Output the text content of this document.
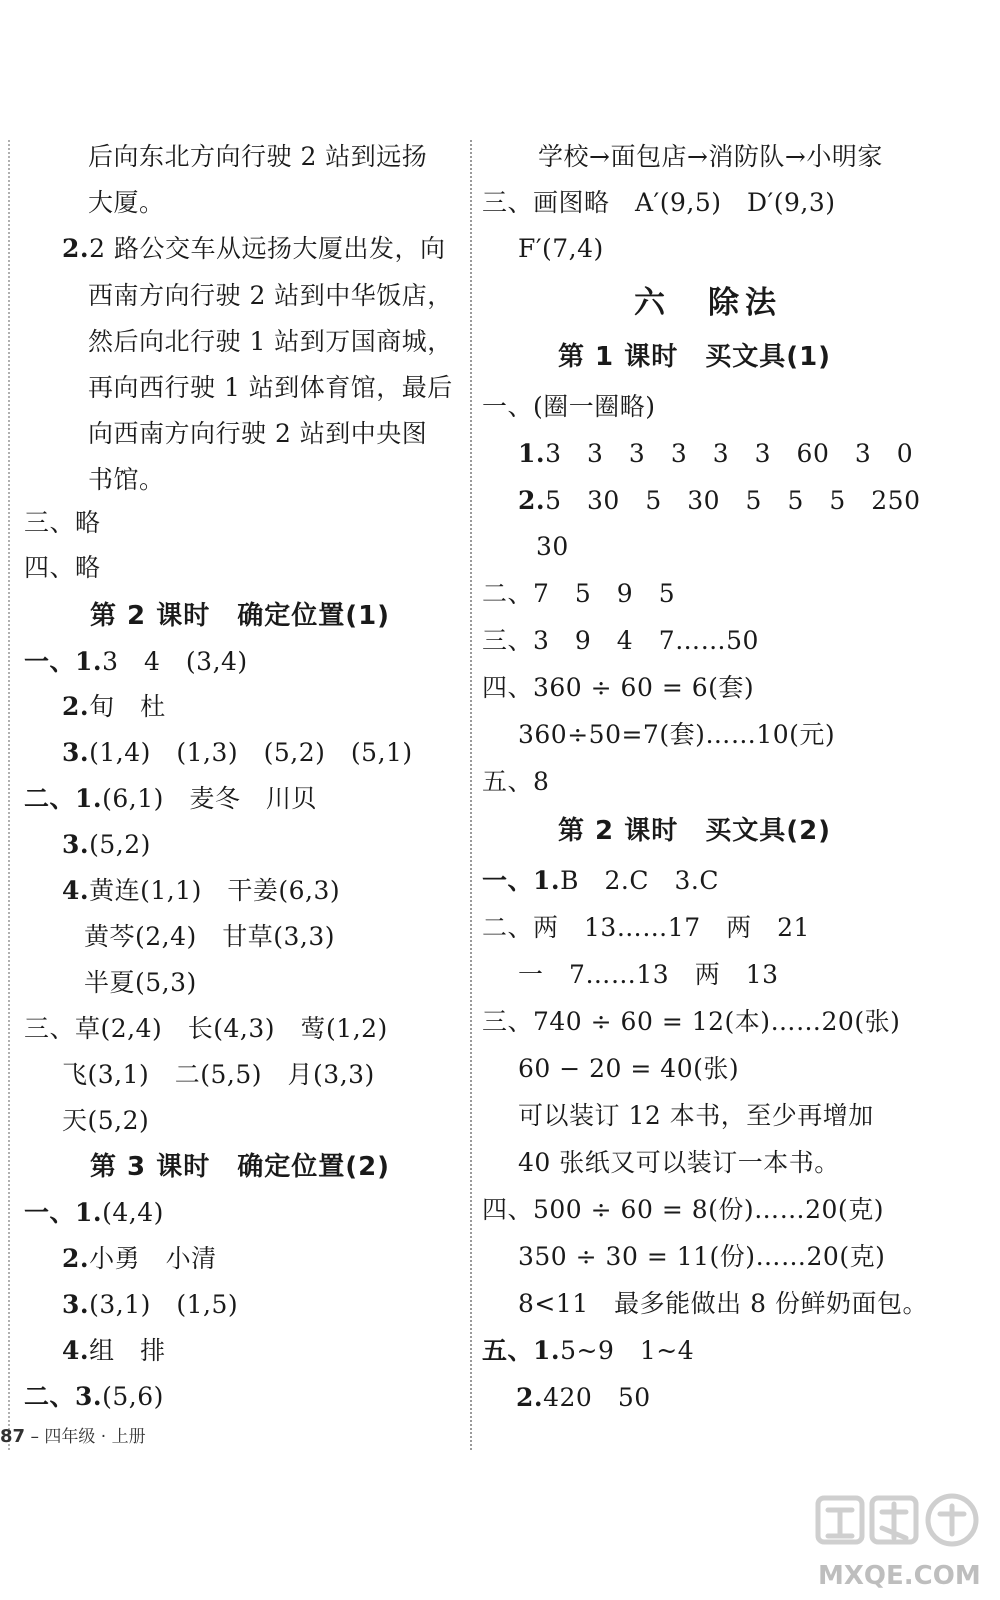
后向东北方向行驶 2 站到远扬
大厦。
2.2 路公交车从远扬大厦出发，向
西南方向行驶 2 站到中华饭店，
然后向北行驶 1 站到万国商城，
再向西行驶 1 站到体育馆，最后
向西南方向行驶 2 站到中央图
书馆。
三、略
四、略
第 2 课时　确定位置(1)
一、1.3　4　(3,4)
2.旬　杜
3.(1,4)　(1,3)　(5,2)　(5,1)
二、1.(6,1)　麦冬　川贝
3.(5,2)
4.黄连(1,1)　干姜(6,3)
黄芩(2,4)　甘草(3,3)
半夏(5,3)
三、草(2,4)　长(4,3)　莺(1,2)
飞(3,1)　二(5,5)　月(3,3)
天(5,2)
第 3 课时　确定位置(2)
一、1.(4,4)
2.小勇　小清
3.(3,1)　(1,5)
4.组　排
二、3.(5,6)
学校→面包店→消防队→小明家
三、画图略　A′(9,5)　D′(9,3)
F′(7,4)
六　除法
第 1 课时　买文具(1)
一、(圈一圈略)
1.3　3　3　3　3　3　60　3　0
2.5　30　5　30　5　5　5　250
30
二、7　5　9　5
三、3　9　4　7……50
四、360 ÷ 60 = 6(套)
360÷50=7(套)……10(元)
五、8
第 2 课时　买文具(2)
一、1.B　2.C　3.C
二、两　13……17　两　21
一　7……13　两　13
三、740 ÷ 60 = 12(本)……20(张)
60 − 20 = 40(张)
可以装订 12 本书，至少再增加
40 张纸又可以装订一本书。
四、500 ÷ 60 = 8(份)……20(克)
350 ÷ 30 = 11(份)……20(克)
8<11　最多能做出 8 份鲜奶面包。
五、1.5~9　1~4
2.420　50
87 – 四年级 · 上册
MXQE.COM
